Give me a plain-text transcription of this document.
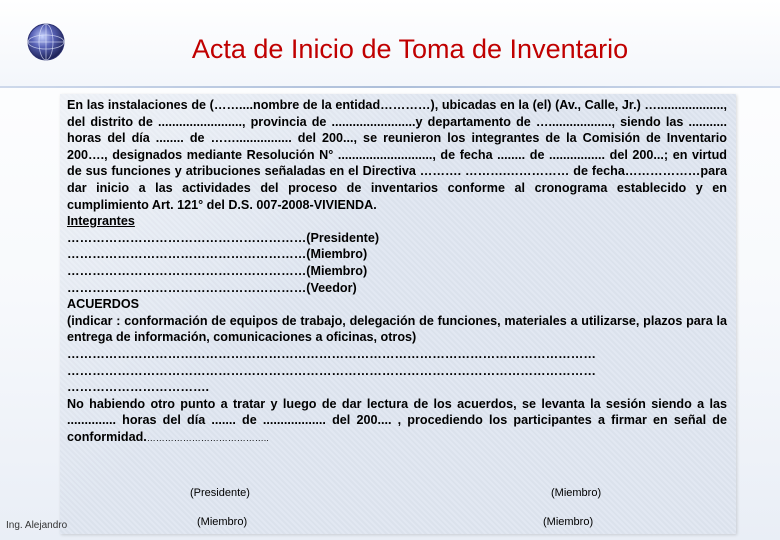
Acta de Inicio de Toma de Inventario

En las instalaciones de (……....nombre de la entidad…………), ubicadas en la (el) (Av., Calle, Jr.) …..................., del distrito de ........................, provincia de ........................y departamento de ….................., siendo las ........... horas del día ........ de ……................ del 200..., se reunieron los integrantes de la Comisión de Inventario 200…., designados mediante Resolución N° ..........................., de fecha ........ de ................ del 200...; en virtud de sus funciones y atribuciones señaladas en el Directiva ………. ……….…………… de fecha………………para dar inicio a las actividades del proceso de inventarios conforme al cronograma establecido y en cumplimiento Art. 121° del D.S. 007-2008-VIVIENDA.

Integrantes
…………………………………………………(Presidente)
…………………………………………………(Miembro)
…………………………………………………(Miembro)
…………………………………………………(Veedor)
ACUERDOS

(indicar : conformación de equipos de trabajo, delegación de funciones, materiales a utilizarse, plazos para la entrega de información, comunicaciones a oficinas, otros)

………………………………………………………………………………………………………………
………………………………………………………………………………………………………………
…………………………….

No habiendo otro punto a tratar y luego de dar lectura de los acuerdos, se levanta la sesión siendo a las .............. horas del día ....... de .................. del 200.... , procediendo los participantes a firmar en señal de conformidad.…………………………………..

(Presidente)	(Miembro)
(Miembro)	(Miembro)
Ing. Alejandro
